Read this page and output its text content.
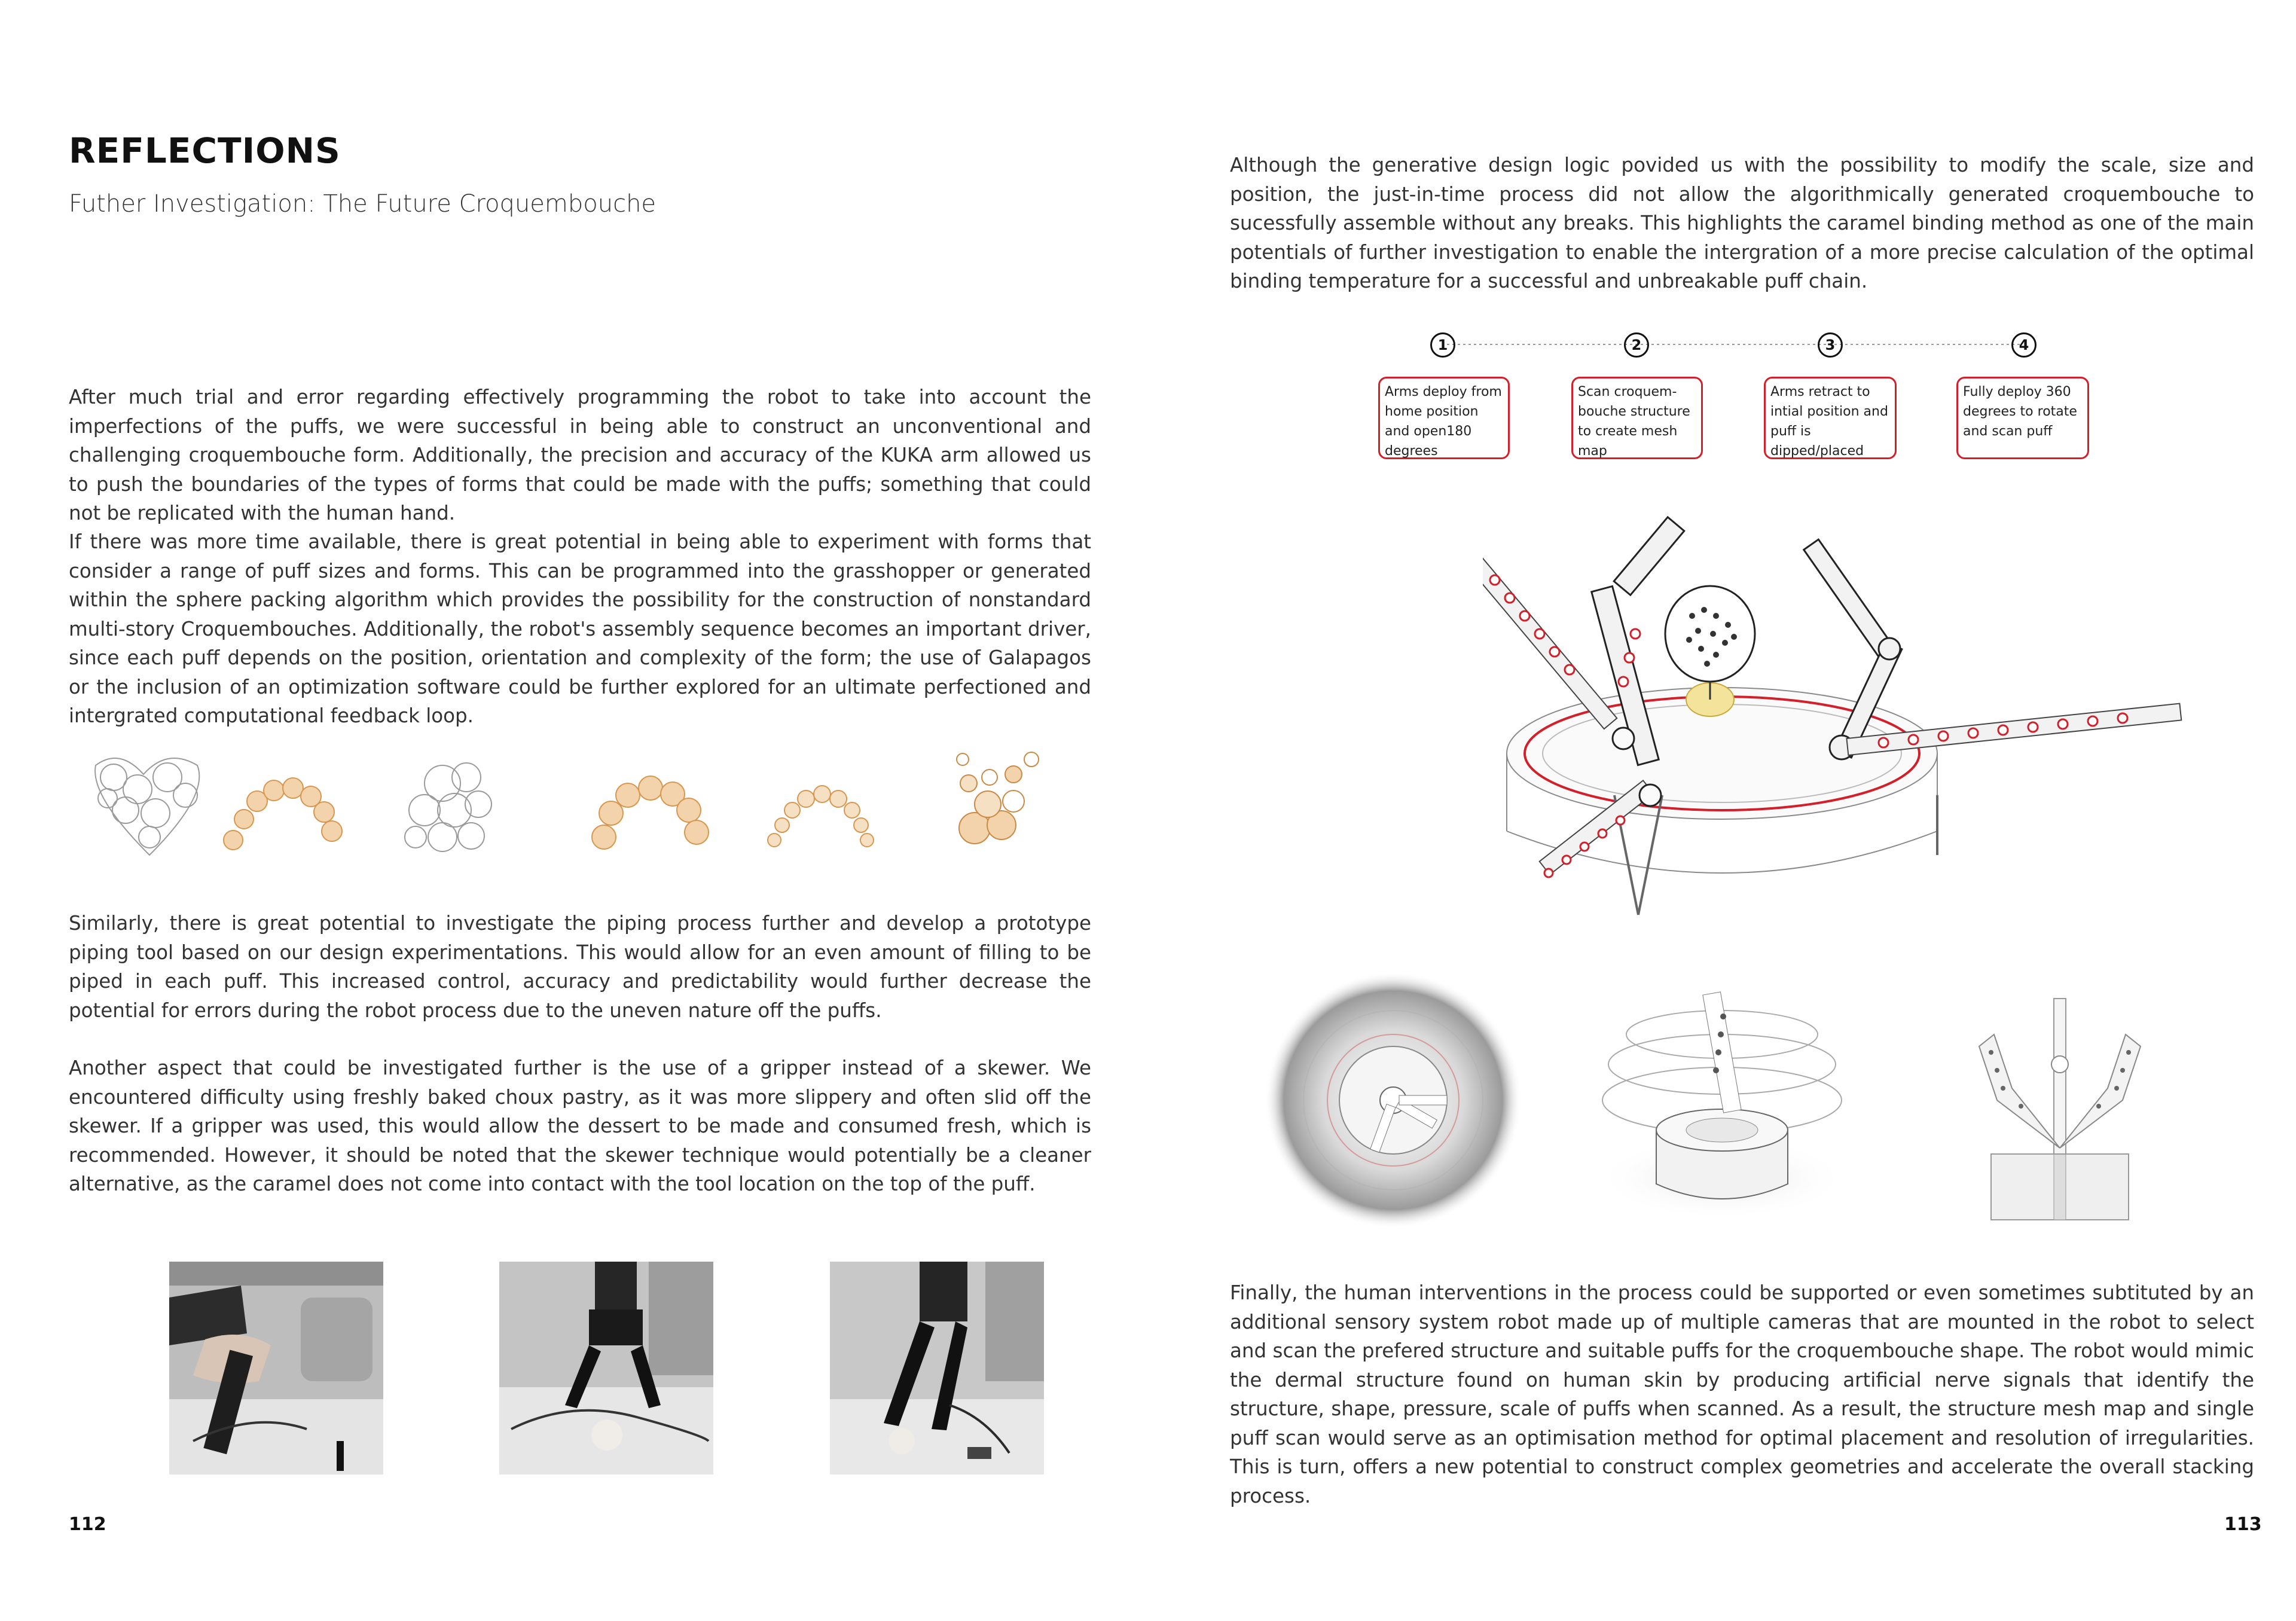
REFLECTIONS
Futher Investigation: The Future Croquembouche

After much trial and error regarding effectively programming the robot to take into account the imperfections of the puffs, we were successful in being able to construct an unconventional and challenging croquembouche form. Additionally, the precision and accuracy of the KUKA arm allowed us to push the boundaries of the types of forms that could be made with the puffs; something that could not be replicated with the human hand.

If there was more time available, there is great potential in being able to experiment with forms that consider a range of puff sizes and forms. This can be programmed into the grasshopper or generated within the sphere packing algorithm which provides the possibility for the construction of nonstandard multi-story Croquembouches. Additionally, the robot's assembly sequence becomes an important driver, since each puff depends on the position, orientation and complexity of the form; the use of Galapagos or the inclusion of an optimization software could be further explored for an ultimate perfectioned and intergrated computational feedback loop.

Similarly, there is great potential to investigate the piping process further and develop a prototype piping tool based on our design experimentations. This would allow for an even amount of filling to be piped in each puff. This increased control, accuracy and predictability would further decrease the potential for errors during the robot process due to the uneven nature off the puffs.

Another aspect that could be investigated further is the use of a gripper instead of a skewer. We encountered difficulty using freshly baked choux pastry, as it was more slippery and often slid off the skewer. If a gripper was used, this would allow the dessert to be made and consumed fresh, which is recommended. However, it should be noted that the skewer technique would potentially be a cleaner alternative, as the caramel does not come into contact with the tool location on the top of the puff.

112

Although the generative design logic povided us with the possibility to modify the scale, size and position, the just-in-time process did not allow the algorithmically generated croquembouche to sucessfully assemble without any breaks. This highlights the caramel binding method as one of the main potentials of further investigation to enable the intergration of a more precise calculation of the optimal binding temperature for a successful and unbreakable puff chain.

1	2	3	4
Arms deploy from home position and open180 degrees
Scan croquem-bouche structure to create mesh map
Arms retract to intial position and puff is dipped/placed
Fully deploy 360 degrees to rotate and scan puff

Finally, the human interventions in the process could be supported or even sometimes subtituted by an additional sensory system robot made up of multiple cameras that are mounted in the robot to select and scan the prefered structure and suitable puffs for the croquembouche shape. The robot would mimic the dermal structure found on human skin by producing artificial nerve signals that identify the structure, shape, pressure, scale of puffs when scanned. As a result, the structure mesh map and single puff scan would serve as an optimisation method for optimal placement and resolution of irregularities. This is turn, offers a new potential to construct complex geometries and accelerate the overall stacking process.

113
